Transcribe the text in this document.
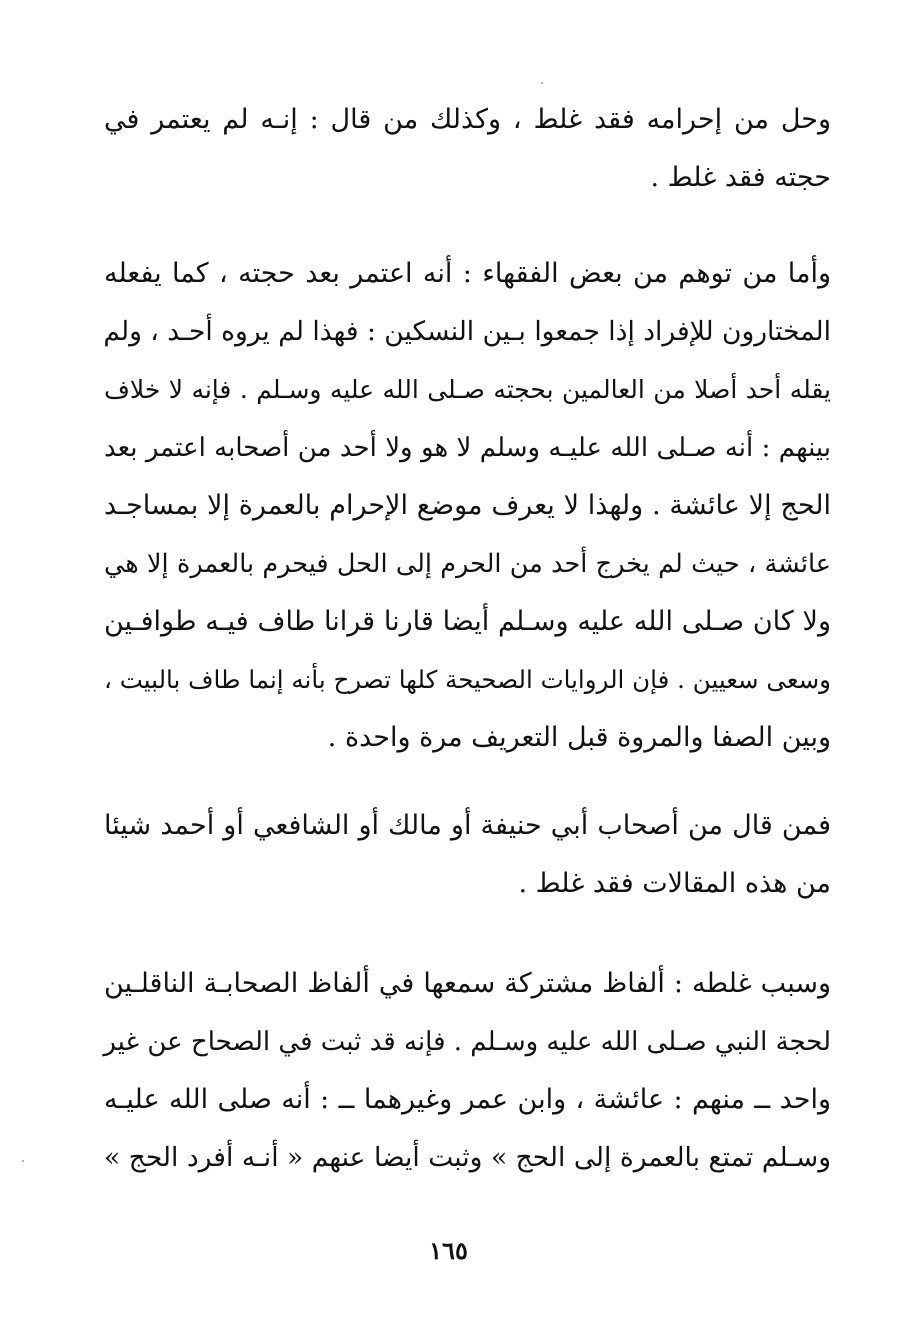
وحل من إحرامه فقد غلط ، وكذلك من قال : إنـه لم يعتمر في
حجته فقد غلط .
وأما من توهم من بعض الفقهاء : أنه اعتمر بعد حجته ، كما يفعله
المختارون للإفراد إذا جمعوا بـين النسكين : فهذا لم يروه أحـد ، ولم
يقله أحد أصلا من العالمين بحجته صـلى الله عليه وسـلم . فإنه لا خلاف
بينهم : أنه صـلى الله عليـه وسلم لا هو ولا أحد من أصحابه اعتمر بعد
الحج إلا عائشة . ولهذا لا يعرف موضع الإحرام بالعمرة إلا بمساجـد
عائشة ، حيث لم يخرج أحد من الحرم إلى الحل فيحرم بالعمرة إلا هي
ولا كان صـلى الله عليه وسـلم أيضا قارنا قرانا طاف فيـه طوافـين
وسعى سعيين . فإن الروايات الصحيحة كلها تصرح بأنه إنما طاف بالبيت ،
وبين الصفا والمروة قبل التعريف مرة واحدة .
فمن قال من أصحاب أبي حنيفة أو مالك أو الشافعي أو أحمد شيئا
من هذه المقالات فقد غلط .
وسبب غلطه : ألفاظ مشتركة سمعها في ألفاظ الصحابـة الناقلـين
لحجة النبي صـلى الله عليه وسـلم . فإنه قد ثبت في الصحاح عن غير
واحد ــ منهم : عائشة ، وابن عمر وغيرهما ــ : أنه صلى الله عليـه
وسـلم تمتع بالعمرة إلى الحج » وثبت أيضا عنهم « أنـه أفرد الحج »
١٦٥
